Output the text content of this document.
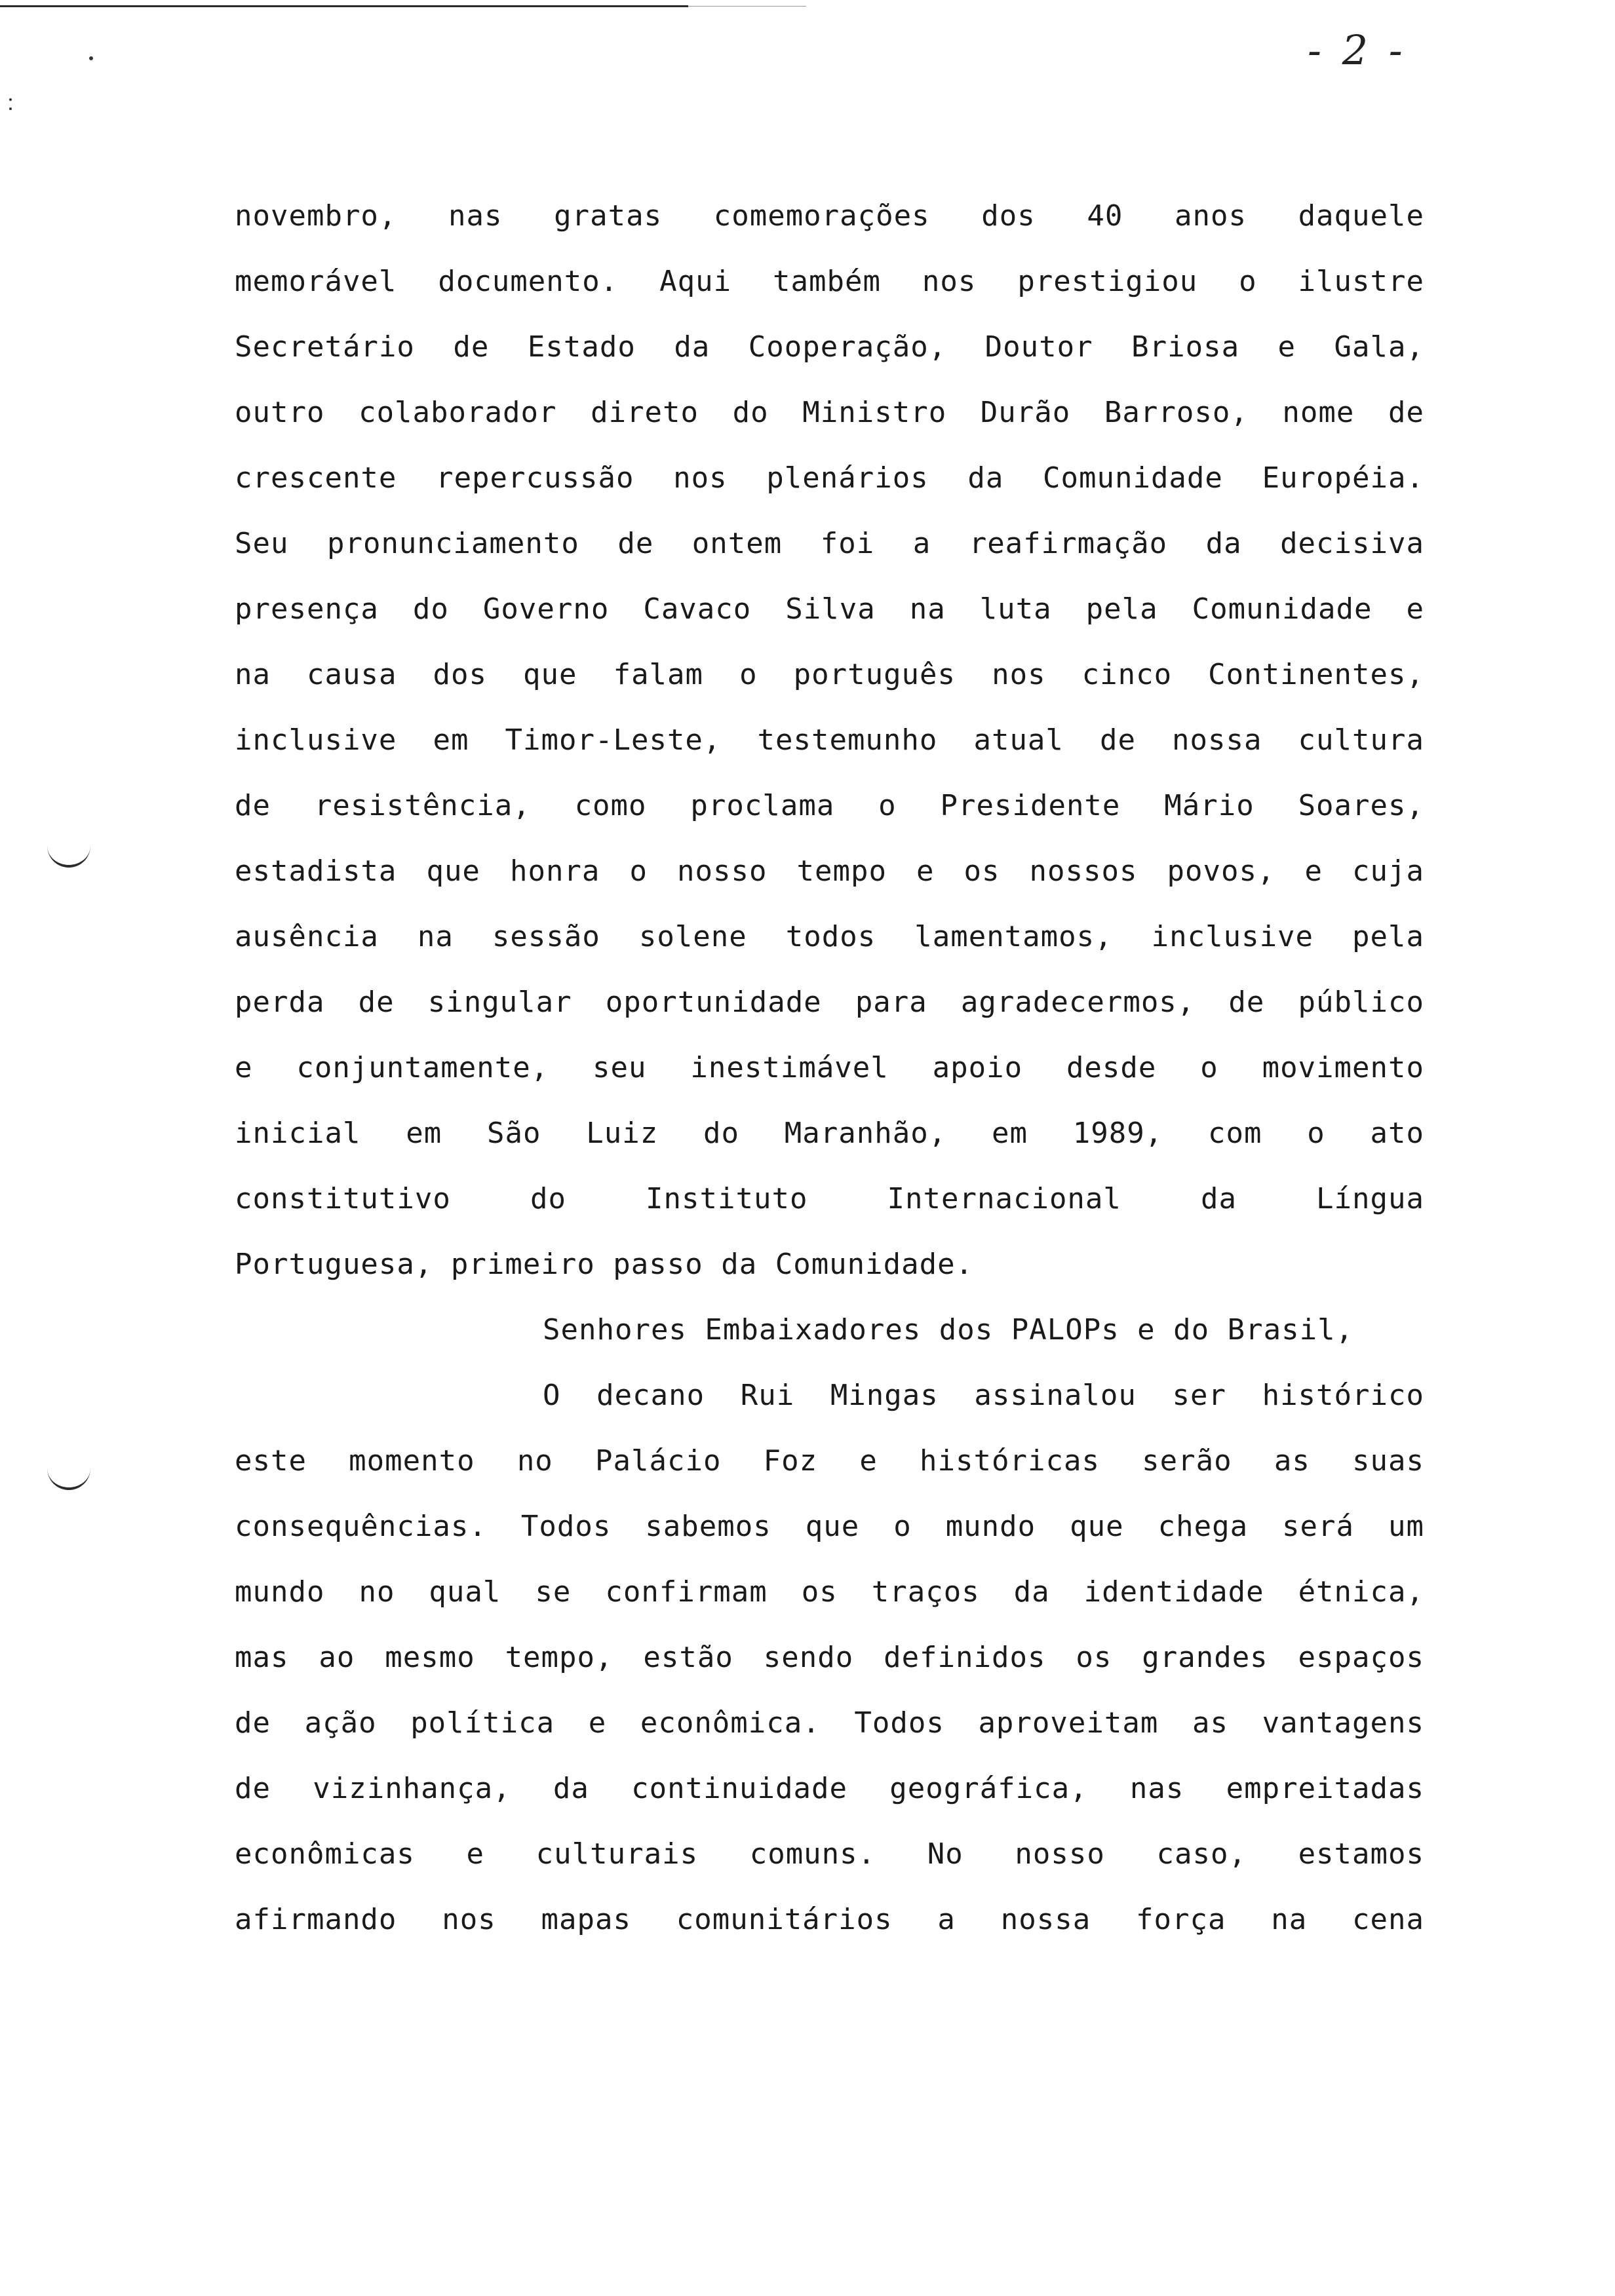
- 2 -
novembro, nas gratas comemorações dos 40 anos daquele
memorável documento. Aqui também nos prestigiou o ilustre
Secretário de Estado da Cooperação, Doutor Briosa e Gala,
outro colaborador direto do Ministro Durão Barroso, nome de
crescente repercussão nos plenários da Comunidade Européia.
Seu pronunciamento de ontem foi a reafirmação da decisiva
presença do Governo Cavaco Silva na luta pela Comunidade e
na causa dos que falam o português nos cinco Continentes,
inclusive em Timor-Leste, testemunho atual de nossa cultura
de resistência, como proclama o Presidente Mário Soares,
estadista que honra o nosso tempo e os nossos povos, e cuja
ausência na sessão solene todos lamentamos, inclusive pela
perda de singular oportunidade para agradecermos, de público
e conjuntamente, seu inestimável apoio desde o movimento
inicial em São Luiz do Maranhão, em 1989, com o ato
constitutivo do Instituto Internacional da Língua
Portuguesa, primeiro passo da Comunidade.
Senhores Embaixadores dos PALOPs e do Brasil,
O decano Rui Mingas assinalou ser histórico
este momento no Palácio Foz e históricas serão as suas
consequências. Todos sabemos que o mundo que chega será um
mundo no qual se confirmam os traços da identidade étnica,
mas ao mesmo tempo, estão sendo definidos os grandes espaços
de ação política e econômica. Todos aproveitam as vantagens
de vizinhança, da continuidade geográfica, nas empreitadas
econômicas e culturais comuns. No nosso caso, estamos
afirmando nos mapas comunitários a nossa força na cena
